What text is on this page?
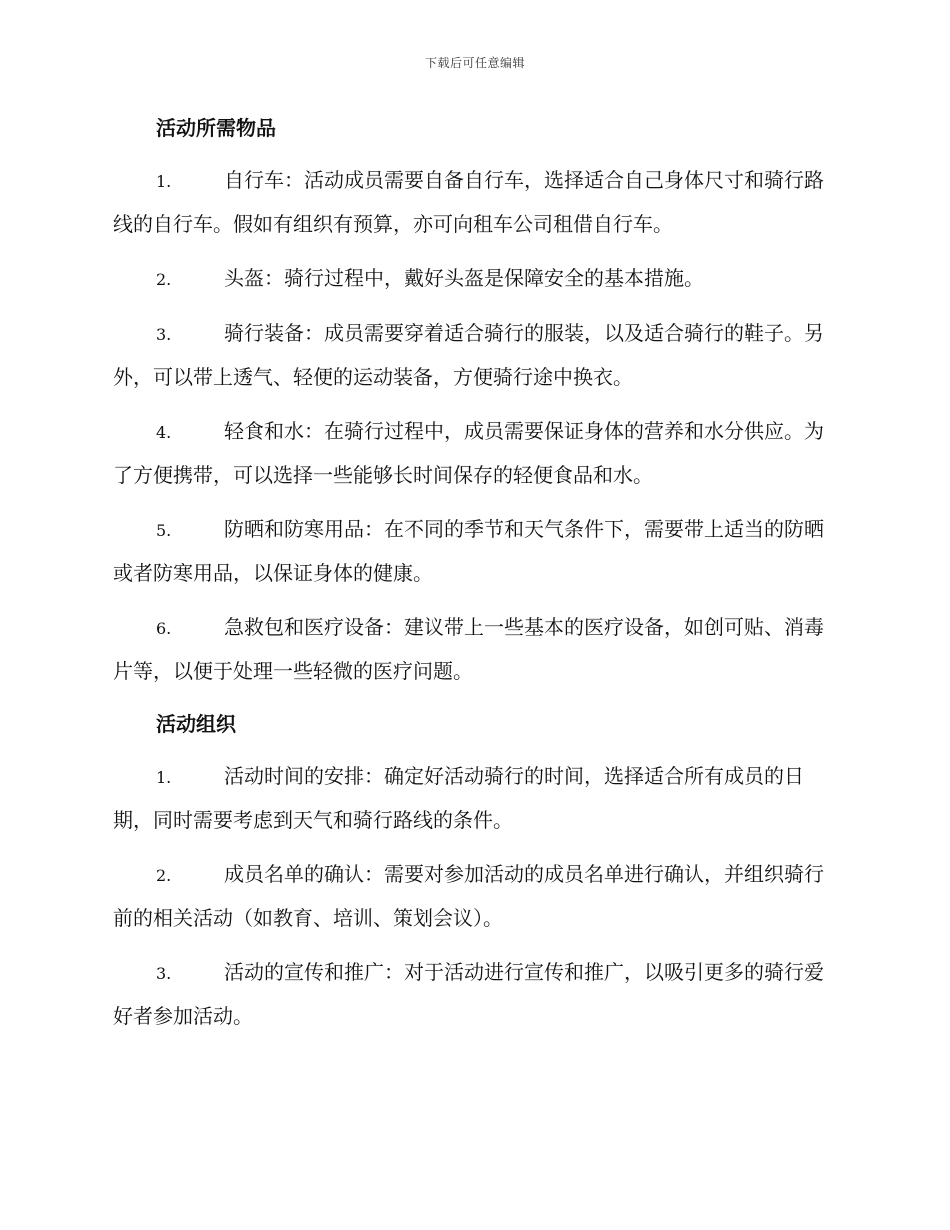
下载后可任意编辑
活动所需物品

1.	自行车：活动成员需要自备自行车，选择适合自己身体尺寸和骑行路线的自行车。假如有组织有预算，亦可向租车公司租借自行车。

2.	头盔：骑行过程中，戴好头盔是保障安全的基本措施。

3.	骑行装备：成员需要穿着适合骑行的服装，以及适合骑行的鞋子。另外，可以带上透气、轻便的运动装备，方便骑行途中换衣。

4.	轻食和水：在骑行过程中，成员需要保证身体的营养和水分供应。为了方便携带，可以选择一些能够长时间保存的轻便食品和水。

5.	防晒和防寒用品：在不同的季节和天气条件下，需要带上适当的防晒或者防寒用品，以保证身体的健康。

6.	急救包和医疗设备：建议带上一些基本的医疗设备，如创可贴、消毒片等，以便于处理一些轻微的医疗问题。

活动组织

1.	活动时间的安排：确定好活动骑行的时间，选择适合所有成员的日期，同时需要考虑到天气和骑行路线的条件。

2.	成员名单的确认：需要对参加活动的成员名单进行确认，并组织骑行前的相关活动（如教育、培训、策划会议）。

3.	活动的宣传和推广：对于活动进行宣传和推广，以吸引更多的骑行爱好者参加活动。
